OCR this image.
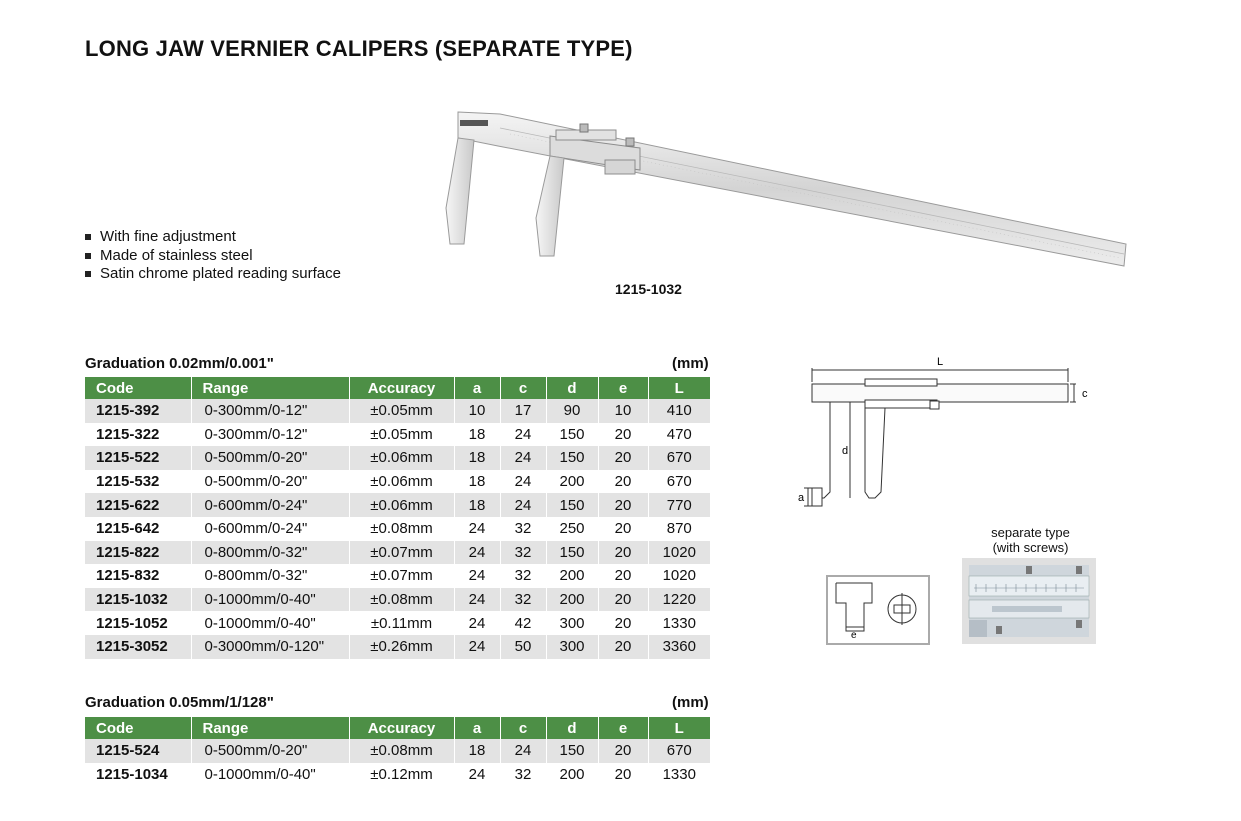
LONG JAW VERNIER CALIPERS (SEPARATE TYPE)
With fine adjustment
Made of stainless steel
Satin chrome plated reading surface
1215-1032
Graduation 0.02mm/0.001"	(mm)
Code	Range	Accuracy	a	c	d	e	L
1215-392	0-300mm/0-12"	±0.05mm	10	17	90	10	410
1215-322	0-300mm/0-12"	±0.05mm	18	24	150	20	470
1215-522	0-500mm/0-20"	±0.06mm	18	24	150	20	670
1215-532	0-500mm/0-20"	±0.06mm	18	24	200	20	670
1215-622	0-600mm/0-24"	±0.06mm	18	24	150	20	770
1215-642	0-600mm/0-24"	±0.08mm	24	32	250	20	870
1215-822	0-800mm/0-32"	±0.07mm	24	32	150	20	1020
1215-832	0-800mm/0-32"	±0.07mm	24	32	200	20	1020
1215-1032	0-1000mm/0-40"	±0.08mm	24	32	200	20	1220
1215-1052	0-1000mm/0-40"	±0.11mm	24	42	300	20	1330
1215-3052	0-3000mm/0-120"	±0.26mm	24	50	300	20	3360
Graduation 0.05mm/1/128"	(mm)
Code	Range	Accuracy	a	c	d	e	L
1215-524	0-500mm/0-20"	±0.08mm	18	24	150	20	670
1215-1034	0-1000mm/0-40"	±0.12mm	24	32	200	20	1330
L
c
d
a
separate type
(with screws)
e
